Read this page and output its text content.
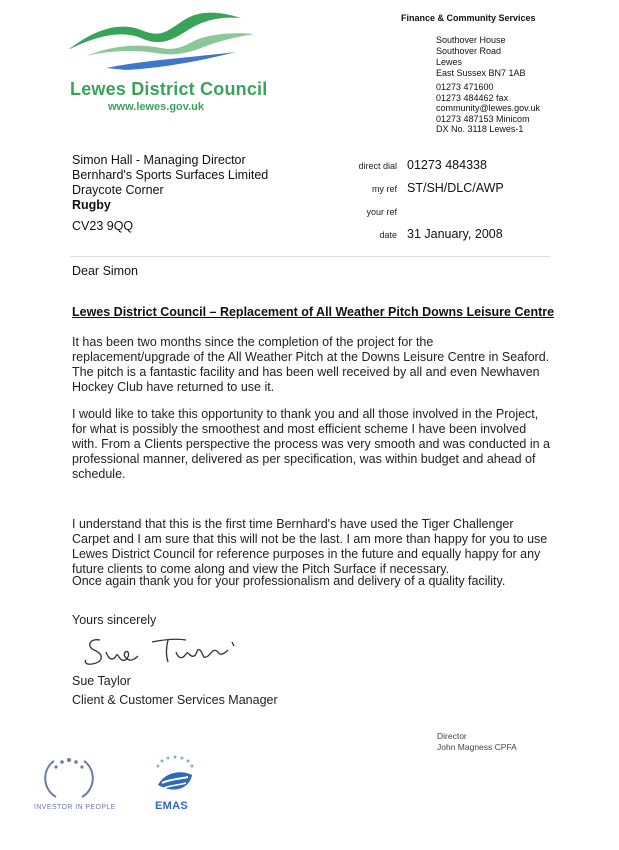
Lewes District Council
www.lewes.gov.uk
Finance & Community Services
Southover House
Southover Road
Lewes
East Sussex BN7 1AB
01273 471600
01273 484462 fax
community@lewes.gov.uk
01273 487153 Minicom
DX No. 3118 Lewes-1
Simon Hall - Managing Director
Bernhard's Sports Surfaces Limited
Draycote Corner
Rugby
CV23 9QQ
direct dial 01273 484338
my ref ST/SH/DLC/AWP
your ref
date 31 January, 2008
Dear Simon
Lewes District Council – Replacement of All Weather Pitch Downs Leisure Centre
It has been two months since the completion of the project for the replacement/upgrade of the All Weather Pitch at the Downs Leisure Centre in Seaford. The pitch is a fantastic facility and has been well received by all and even Newhaven Hockey Club have returned to use it.
I would like to take this opportunity to thank you and all those involved in the Project, for what is possibly the smoothest and most efficient scheme I have been involved with. From a Clients perspective the process was very smooth and was conducted in a professional manner, delivered as per specification, was within budget and ahead of schedule.
I understand that this is the first time Bernhard's have used the Tiger Challenger Carpet and I am sure that this will not be the last. I am more than happy for you to use Lewes District Council for reference purposes in the future and equally happy for any future clients to come along and view the Pitch Surface if necessary.
Once again thank you for your professionalism and delivery of a quality facility.
Yours sincerely
Sue Taylor
Client & Customer Services Manager
Director
John Magness CPFA
INVESTOR IN PEOPLE	EMAS
